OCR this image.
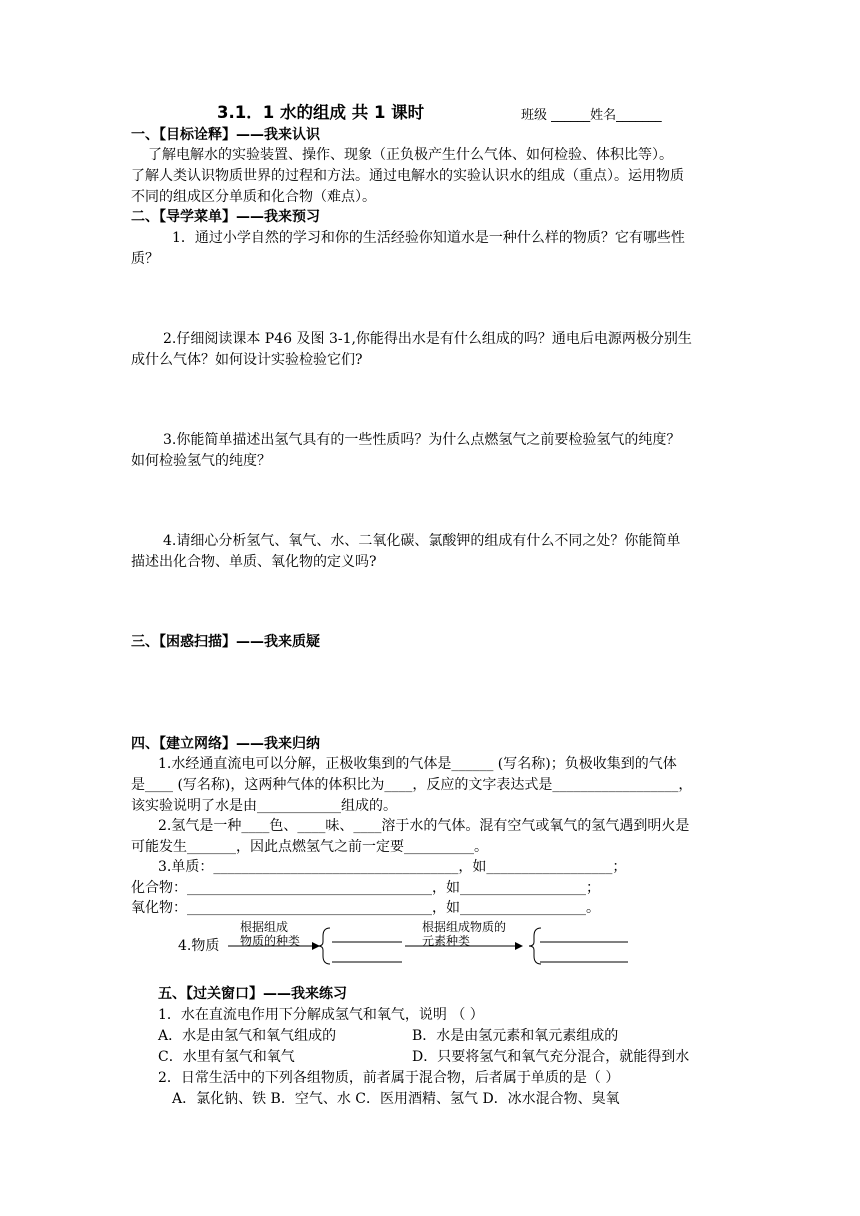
3.1．1 水的组成 共 1 课时	班级 ______姓名_______
一、【目标诠释】——我来认识
了解电解水的实验装置、操作、现象（正负极产生什么气体、如何检验、体积比等）。
了解人类认识物质世界的过程和方法。通过电解水的实验认识水的组成（重点）。运用物质
不同的组成区分单质和化合物（难点）。
二、【导学菜单】——我来预习
1．通过小学自然的学习和你的生活经验你知道水是一种什么样的物质？它有哪些性
质？
2.仔细阅读课本 P46 及图 3-1,你能得出水是有什么组成的吗？通电后电源两极分别生
成什么气体？如何设计实验检验它们?
3.你能简单描述出氢气具有的一些性质吗？为什么点燃氢气之前要检验氢气的纯度？
如何检验氢气的纯度？
4.请细心分析氢气、氧气、水、二氧化碳、氯酸钾的组成有什么不同之处？你能简单
描述出化合物、单质、氧化物的定义吗?
三、【困惑扫描】——我来质疑
四、【建立网络】——我来归纳
1.水经通直流电可以分解，正极收集到的气体是______ (写名称)；负极收集到的气体
是____ (写名称)，这两种气体的体积比为____，反应的文字表达式是__________________，
该实验说明了水是由____________组成的。
2.氢气是一种____色、____味、____溶于水的气体。混有空气或氧气的氢气遇到明火是
可能发生_______，因此点燃氢气之前一定要__________。
3.单质：___________________________________，如__________________；
化合物：___________________________________，如__________________；
氧化物：___________________________________，如__________________。
4.物质
根据组成
物质的种类
根据组成物质的
元素种类
五、【过关窗口】——我来练习
1．水在直流电作用下分解成氢气和氧气，说明 （ ）
A．水是由氢气和氧气组成的	B．水是由氢元素和氧元素组成的
C．水里有氢气和氧气	D．只要将氢气和氧气充分混合，就能得到水
2．日常生活中的下列各组物质，前者属于混合物，后者属于单质的是（ ）
A．氯化钠、铁 B．空气、水 C．医用酒精、氢气 D．冰水混合物、臭氧
